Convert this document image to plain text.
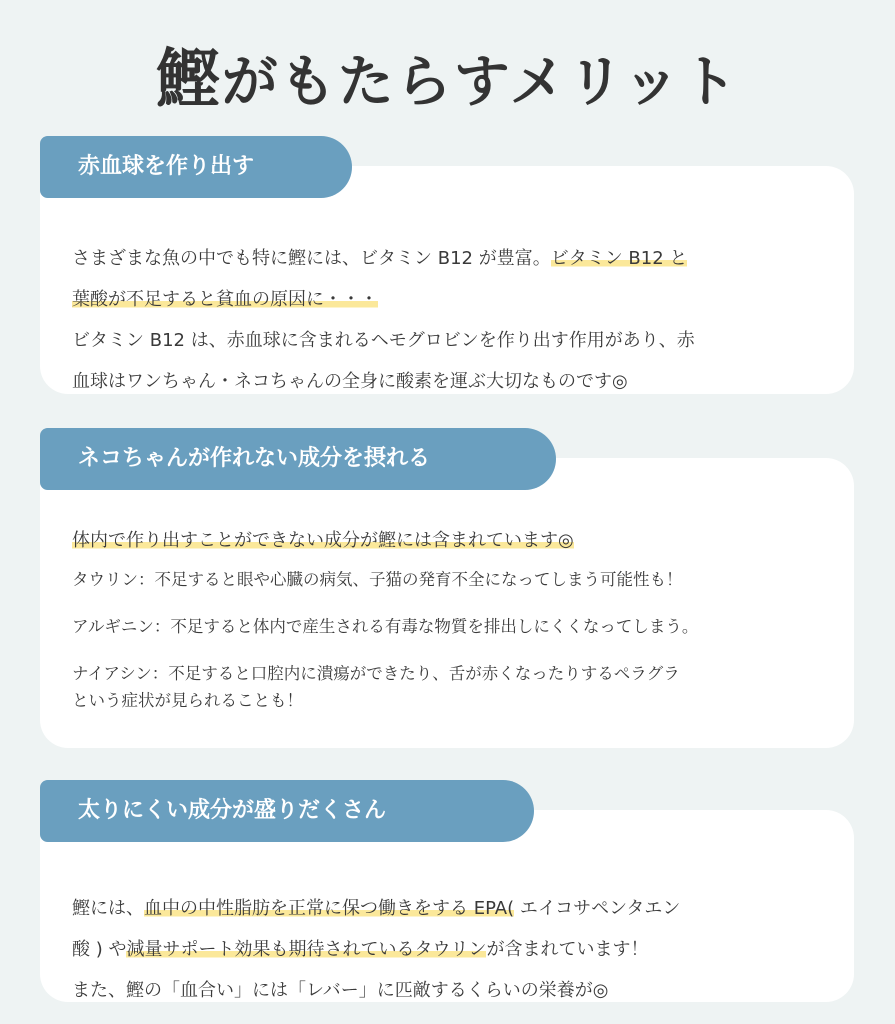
鰹がもたらすメリット
さまざまな魚の中でも特に鰹には、ビタミン B12 が豊富。ビタミン B12 と
葉酸が不足すると貧血の原因に・・・
ビタミン B12 は、赤血球に含まれるヘモグロビンを作り出す作用があり、赤
血球はワンちゃん・ネコちゃんの全身に酸素を運ぶ大切なものです◎
赤血球を作り出す
体内で作り出すことができない成分が鰹には含まれています◎
タウリン：不足すると眼や心臓の病気、子猫の発育不全になってしまう可能性も！
アルギニン：不足すると体内で産生される有毒な物質を排出しにくくなってしまう。
ナイアシン：不足すると口腔内に潰瘍ができたり、舌が赤くなったりするペラグラ
という症状が見られることも！
ネコちゃんが作れない成分を摂れる
鰹には、血中の中性脂肪を正常に保つ働きをする EPA( エイコサペンタエン
酸 ) や減量サポート効果も期待されているタウリンが含まれています！
また、鰹の「血合い」には「レバー」に匹敵するくらいの栄養が◎
太りにくい成分が盛りだくさん
